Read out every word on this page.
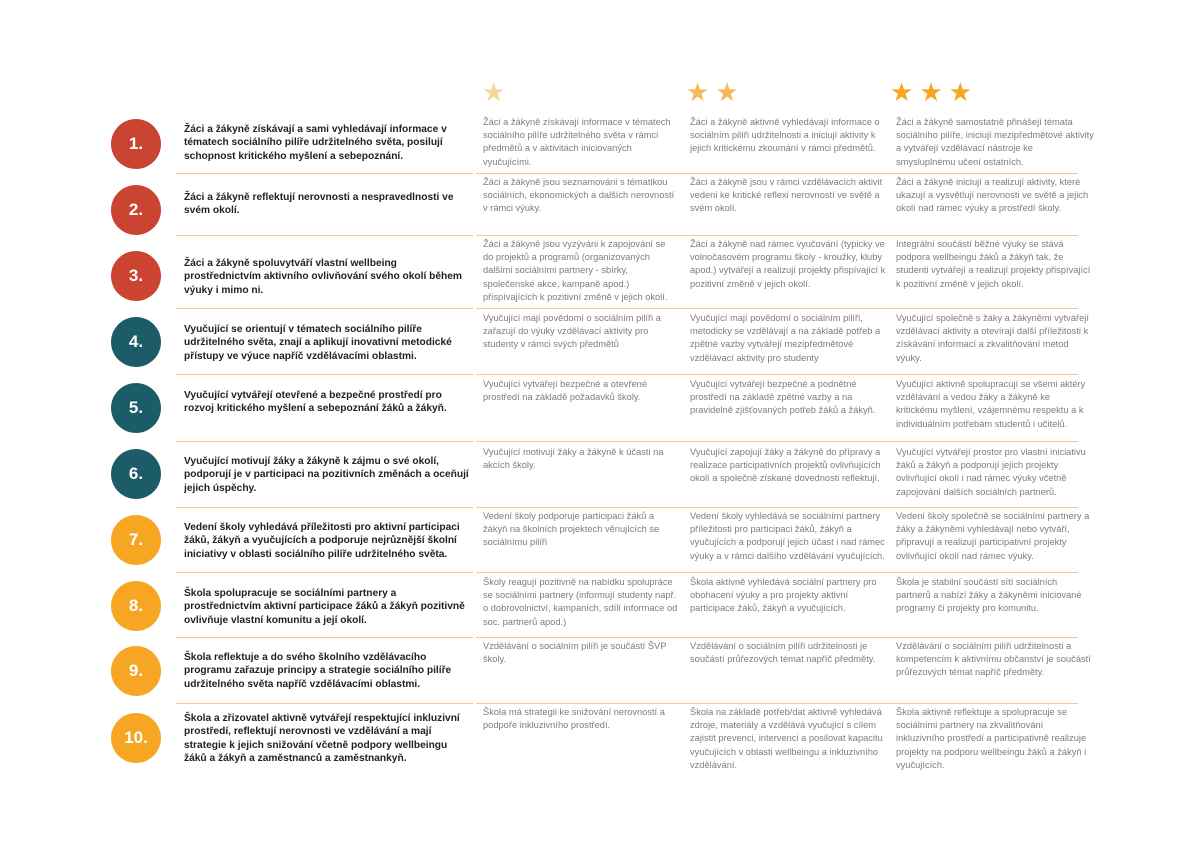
★	★ ★	★ ★ ★
1.
Žáci a žákyně získávají a sami vyhledávají informace v tématech sociálního pilíře udržitelného světa, posilují schopnost kritického myšlení a sebepoznání.
Žáci a žákyně získávají informace v tématech sociálního pilíře udržitelného světa v rámci předmětů a v aktivitách iniciovaných vyučujícími.
Žáci a žákyně aktivně vyhledávají informace o sociálním pilíři udržitelnosti a iniciují aktivity k jejich kritickému zkoumání v rámci předmětů.
Žáci a žákyně samostatně přinášejí témata sociálního pilíře, iniciují mezipředmětové aktivity a vytvářejí vzdělávací nástroje ke smysluplnému učení ostatních.
2.
Žáci a žákyně reflektují nerovnosti a nespravedlnosti ve svém okolí.
Žáci a žákyně jsou seznamováni s tématikou sociálních, ekonomických a dalších nerovností v rámci výuky.
Žáci a žákyně jsou v rámci vzdělávacích aktivit vedeni ke kritické reflexi nerovností ve světě a svém okolí.
Žáci a žákyně iniciují a realizují aktivity, které ukazují a vysvětlují nerovnosti ve světě a jejich okolí nad rámec výuky a prostředí školy.
3.
Žáci a žákyně spoluvytváří vlastní wellbeing prostřednictvím aktivního ovlivňování svého okolí během výuky i mimo ni.
Žáci a žákyně jsou vyzýváni k zapojování se do projektů a programů (organizovaných dalšími sociálními partnery - sbírky, společenské akce, kampaně apod.) přispívajících k pozitivní změně v jejich okolí.
Žáci a žákyně nad rámec vyučování (typicky ve volnočasovém programu školy - kroužky, kluby apod.) vytvářejí a realizují projekty přispívající k pozitivní změně v jejich okolí.
Integrální součástí běžné výuky se stává podpora wellbeingu žáků a žákyň tak, že studenti vytvářejí a realizují projekty přispívající k pozitivní změně v jejich okolí.
4.
Vyučující se orientují v tématech sociálního pilíře udržitelného světa, znají a aplikují inovativní metodické přístupy ve výuce napříč vzdělávacími oblastmi.
Vyučující mají povědomí o sociálním pilíři a zařazují do výuky vzdělávací aktivity pro studenty v rámci svých předmětů
Vyučující mají povědomí o sociálním pilíři, metodicky se vzdělávají a na základě potřeb a zpětné vazby vytvářejí mezipředmětové vzdělávací aktivity pro studenty
Vyučující společně s žáky a žákyněmi vytvářejí vzdělávací aktivity a otevírají další příležitosti k získávání informací a zkvalitňování metod výuky.
5.
Vyučující vytvářejí otevřené a bezpečné prostředí pro rozvoj kritického myšlení a sebepoznání žáků a žákyň.
Vyučující vytvářejí bezpečné a otevřené prostředí na základě požadavků školy.
Vyučující vytvářejí bezpečné a podnětné prostředí na základě zpětné vazby a na pravidelně zjišťovaných potřeb žáků a žákyň.
Vyučující aktivně spolupracují se všemi aktéry vzdělávání a vedou žáky a žákyně ke kritickému myšlení, vzájemnému respektu a k individuálním potřebám studentů i učitelů.
6.
Vyučující motivují žáky a žákyně k zájmu o své okolí, podporují je v participaci na pozitivních změnách a oceňují jejich úspěchy.
Vyučující motivují žáky a žákyně k účasti na akcích školy.
Vyučující zapojují žáky a žákyně do přípravy a realizace participativních projektů ovlivňujících okolí a společně získané dovednosti reflektují.
Vyučující vytvářejí prostor pro vlastní iniciativu žáků a žákyň a podporují jejich projekty ovlivňující okolí i nad rámec výuky včetně zapojování dalších sociálních partnerů.
7.
Vedení školy vyhledává příležitosti pro aktivní participaci žáků, žákyň a vyučujících a podporuje nejrůznější školní iniciativy v oblasti sociálního pilíře udržitelného světa.
Vedení školy podporuje participaci žáků a žákyň na školních projektech věnujících se sociálnímu pilíři
Vedení školy vyhledává se sociálními partnery příležitosti pro participaci žáků, žákyň a vyučujících a podporují jejich účast i nad rámec výuky a v rámci dalšího vzdělávání vyučujících.
Vedení školy společně se sociálními partnery a žáky a žákyněmi vyhledávají nebo vytváří, připravují a realizují participativní projekty ovlivňující okolí nad rámec výuky.
8.
Škola spolupracuje se sociálními partnery a prostřednictvím aktivní participace žáků a žákyň pozitivně ovlivňuje vlastní komunitu a její okolí.
Školy reagují pozitivně na nabídku spolupráce se sociálními partnery (informují studenty např. o dobrovolnictví, kampaních, sdílí informace od soc. partnerů apod.)
Škola aktivně vyhledává sociální partnery pro obohacení výuky a pro projekty aktivní participace žáků, žákyň a vyučujících.
Škola je stabilní součástí sítí sociálních partnerů a nabízí žáky a žákyněmi iniciované programy či projekty pro komunitu.
9.
Škola reflektuje a do svého školního vzdělávacího programu zařazuje principy a strategie sociálního pilíře udržitelného světa napříč vzdělávacími oblastmi.
Vzdělávání o sociálním pilíři je součástí ŠVP školy.
Vzdělávání o sociálním pilíři udržitelnosti je součástí průřezových témat napříč předměty.
Vzdělávání o sociálním pilíři udržitelnosti a kompetencím k aktivnímu občanství je součástí průřezových témat napříč předměty.
10.
Škola a zřizovatel aktivně vytvářejí respektující inkluzivní prostředí, reflektují nerovnosti ve vzdělávání a mají strategie k jejich snižování včetně podpory wellbeingu žáků a žákyň a zaměstnanců a zaměstnankyň.
Škola má strategii ke snižování nerovností a podpoře inkluzivního prostředí.
Škola na základě potřeb/dat aktivně vyhledává zdroje, materiály a vzdělává vyučující s cílem zajistit prevenci, intervenci a posilovat kapacitu vyučujících v oblasti wellbeingu a inkluzivního vzdělávání.
Škola aktivně reflektuje a spolupracuje se sociálními partnery na zkvalitňování inkluzivního prostředí a participativně realizuje projekty na podporu wellbeingu žáků a žákyň i vyučujících.
